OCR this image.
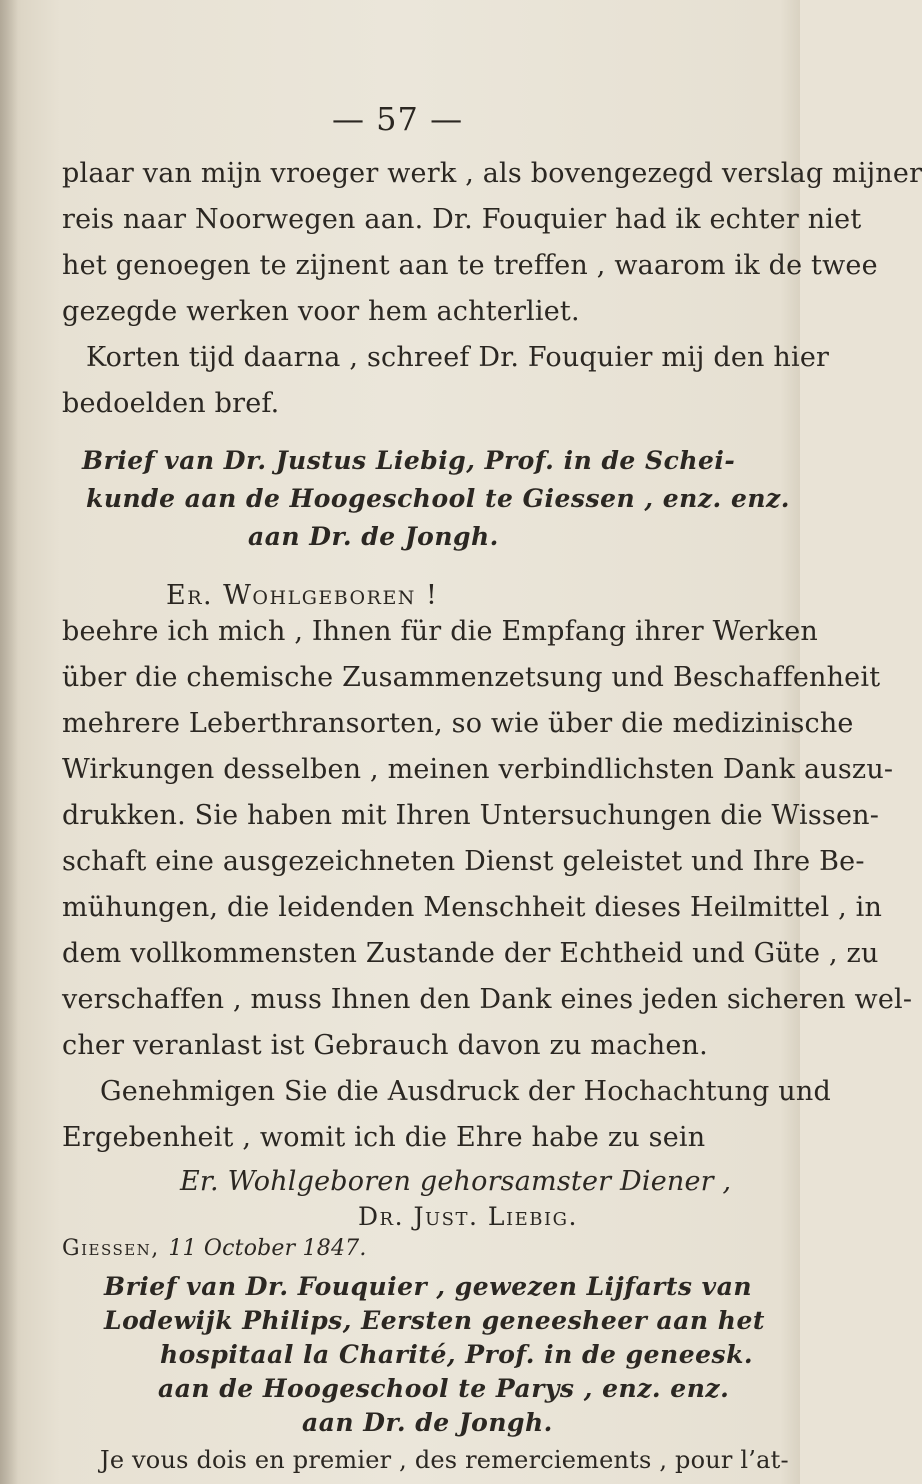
— 57 —
plaar van mijn vroeger werk , als bovengezegd verslag mijner
reis naar Noorwegen aan. Dr. Fouquier had ik echter niet
het genoegen te zijnent aan te treffen , waarom ik de twee
gezegde werken voor hem achterliet.
Korten tijd daarna , schreef Dr. Fouquier mij den hier
bedoelden bref.
Brief van Dr. Justus Liebig, Prof. in de Schei-
kunde aan de Hoogeschool te Giessen , enz. enz.
aan Dr. de Jongh.
Er. Wohlgeboren !
beehre ich mich , Ihnen für die Empfang ihrer Werken
über die chemische Zusammenzetsung und Beschaffenheit
mehrere Leberthransorten, so wie über die medizinische
Wirkungen desselben , meinen verbindlichsten Dank auszu-
drukken. Sie haben mit Ihren Untersuchungen die Wissen-
schaft eine ausgezeichneten Dienst geleistet und Ihre Be-
mühungen, die leidenden Menschheit dieses Heilmittel , in
dem vollkommensten Zustande der Echtheid und Güte , zu
verschaffen , muss Ihnen den Dank eines jeden sicheren wel-
cher veranlast ist Gebrauch davon zu machen.
Genehmigen Sie die Ausdruck der Hochachtung und
Ergebenheit , womit ich die Ehre habe zu sein
Er. Wohlgeboren gehorsamster Diener ,
Dr. Just. Liebig.
Giessen, 11 October 1847.
Brief van Dr. Fouquier , gewezen Lijfarts van
Lodewijk Philips, Eersten geneesheer aan het
hospitaal la Charité, Prof. in de geneesk.
aan de Hoogeschool te Parys , enz. enz.
aan Dr. de Jongh.
Je vous dois en premier , des remerciements , pour l’at-
